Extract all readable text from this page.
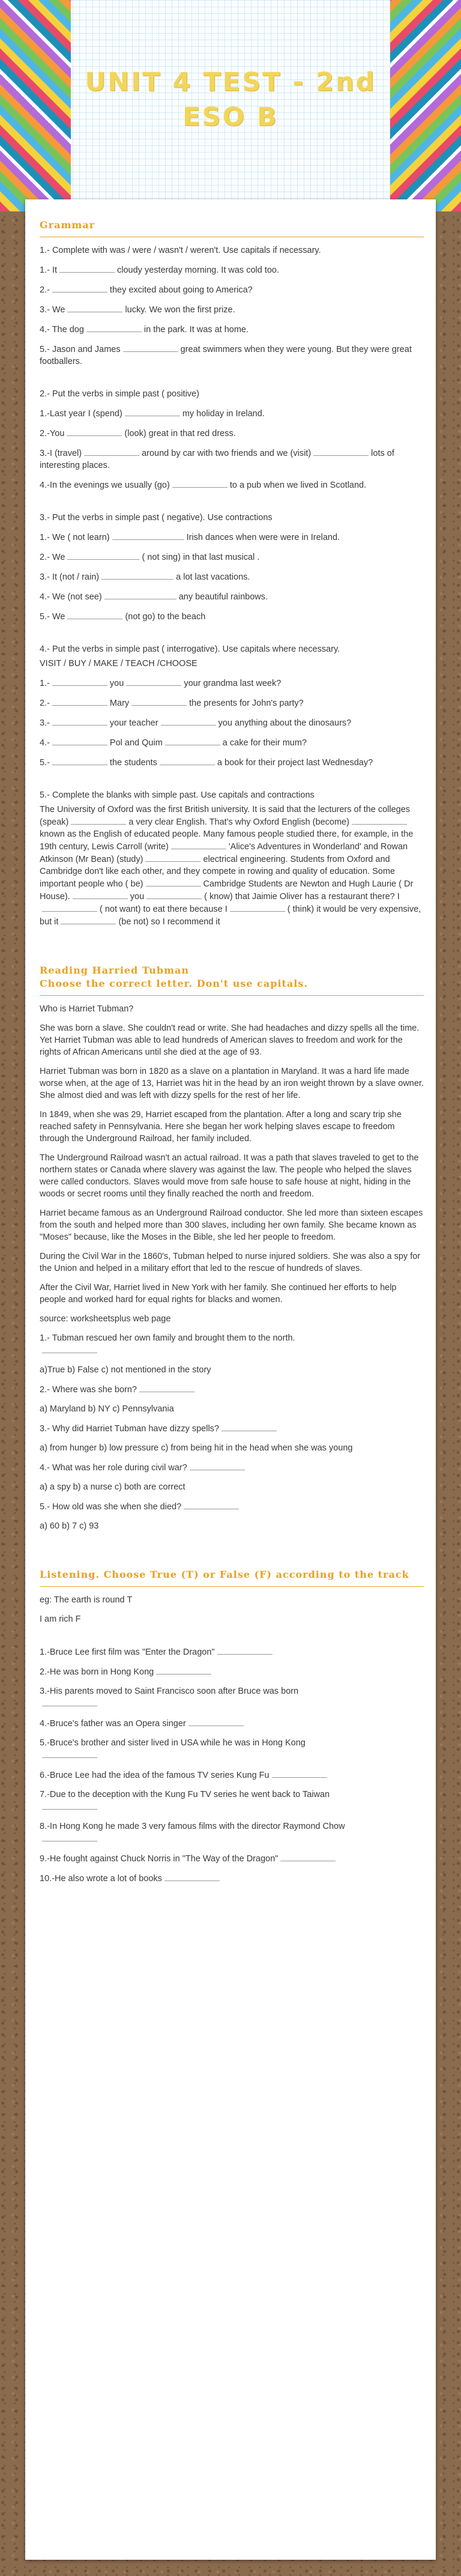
UNIT 4 TEST - 2nd ESO B
Grammar

1.- Complete with was / were / wasn't / weren't. Use capitals if necessary.

1.- It	cloudy yesterday morning. It was cold too.

2.-	they excited about going to America?

3.- We	lucky. We won the first prize.

4.- The dog	in the park. It was at home.

5.- Jason and James	great swimmers when they were young. But they were great footballers.

2.- Put the verbs in simple past ( positive)

1.-Last year I (spend)	my holiday in Ireland.

2.-You	(look) great in that red dress.

3.-I (travel)	around by car with two friends and we (visit)	lots of interesting places.

4.-In the evenings we usually (go)	to a pub when we lived in Scotland.

3.- Put the verbs in simple past ( negative). Use contractions

1.- We ( not learn)	Irish dances when were were in Ireland.

2.- We	( not sing) in that last musical .

3.- It (not / rain)	a lot last vacations.

4.- We (not see)	any beautiful rainbows.

5.- We	(not go) to the beach

4.- Put the verbs in simple past ( interrogative). Use capitals where necessary.

VISIT / BUY / MAKE / TEACH /CHOOSE

1.-	you	your grandma last week?

2.-	Mary	the presents for John's party?

3.-	your teacher	you anything about the dinosaurs?

4.-	Pol and Quim	a cake for their mum?

5.-	the students	a book for their project last Wednesday?

5.- Complete the blanks with simple past. Use capitals and contractions

The University of Oxford was the first British university. It is said that the lecturers of the colleges (speak)	a very clear English. That's why Oxford English (become)known as the English of educated people. Many famous people studied there, for example, in the 19th century, Lewis Carroll (write)	'Alice's Adventures in Wonderland' and Rowan Atkinson (Mr Bean) (study)	electrical engineering. Students from Oxford and Cambridge don't like each other, and they compete in rowing and quality of education. Some important people who ( be)	Cambridge Students are Newton and Hugh Laurie ( Dr House).	you	( know) that Jaimie Oliver has a restaurant there? I( not want) to eat there because I	( think) it would be very expensive, but it	(be not) so I recommend it

Reading Harried Tubman
Choose the correct letter. Don't use capitals.

Who is Harriet Tubman?

She was born a slave. She couldn't read or write. She had headaches and dizzy spells all the time. Yet Harriet Tubman was able to lead hundreds of American slaves to freedom and work for the rights of African Americans until she died at the age of 93.

Harriet Tubman was born in 1820 as a slave on a plantation in Maryland. It was a hard life made worse when, at the age of 13, Harriet was hit in the head by an iron weight thrown by a slave owner. She almost died and was left with dizzy spells for the rest of her life.

In 1849, when she was 29, Harriet escaped from the plantation. After a long and scary trip she reached safety in Pennsylvania. Here she began her work helping slaves escape to freedom through the Underground Railroad, her family included.

The Underground Railroad wasn't an actual railroad. It was a path that slaves traveled to get to the northern states or Canada where slavery was against the law. The people who helped the slaves were called conductors. Slaves would move from safe house to safe house at night, hiding in the woods or secret rooms until they finally reached the north and freedom.

Harriet became famous as an Underground Railroad conductor. She led more than sixteen escapes from the south and helped more than 300 slaves, including her own family. She became known as "Moses" because, like the Moses in the Bible, she led her people to freedom.

During the Civil War in the 1860's, Tubman helped to nurse injured soldiers. She was also a spy for the Union and helped in a military effort that led to the rescue of hundreds of slaves.

After the Civil War, Harriet lived in New York with her family. She continued her efforts to help people and worked hard for equal rights for blacks and women.

source: worksheetsplus web page

1.- Tubman rescued her own family and brought them to the north.

a)True b) False c) not mentioned in the story

2.- Where was she born?

a) Maryland b) NY c) Pennsylvania

3.- Why did Harriet Tubman have dizzy spells?

a) from hunger b) low pressure c) from being hit in the head when she was young

4.- What was her role during civil war?

a) a spy b) a nurse c) both are correct

5.- How old was she when she died?

a) 60 b) 7 c) 93

Listening. Choose True (T) or False (F) according to the track

eg: The earth is round T

I am rich F

1.-Bruce Lee first film was "Enter the Dragon"

2.-He was born in Hong Kong

3.-His parents moved to Saint Francisco soon after Bruce was born

4.-Bruce's father was an Opera singer

5.-Bruce's brother and sister lived in USA while he was in Hong Kong

6.-Bruce Lee had the idea of the famous TV series Kung Fu

7.-Due to the deception with the Kung Fu TV series he went back to Taiwan

8.-In Hong Kong he made 3 very famous films with the director Raymond Chow

9.-He fought against Chuck Norris in "The Way of the Dragon"

10.-He also wrote a lot of books
